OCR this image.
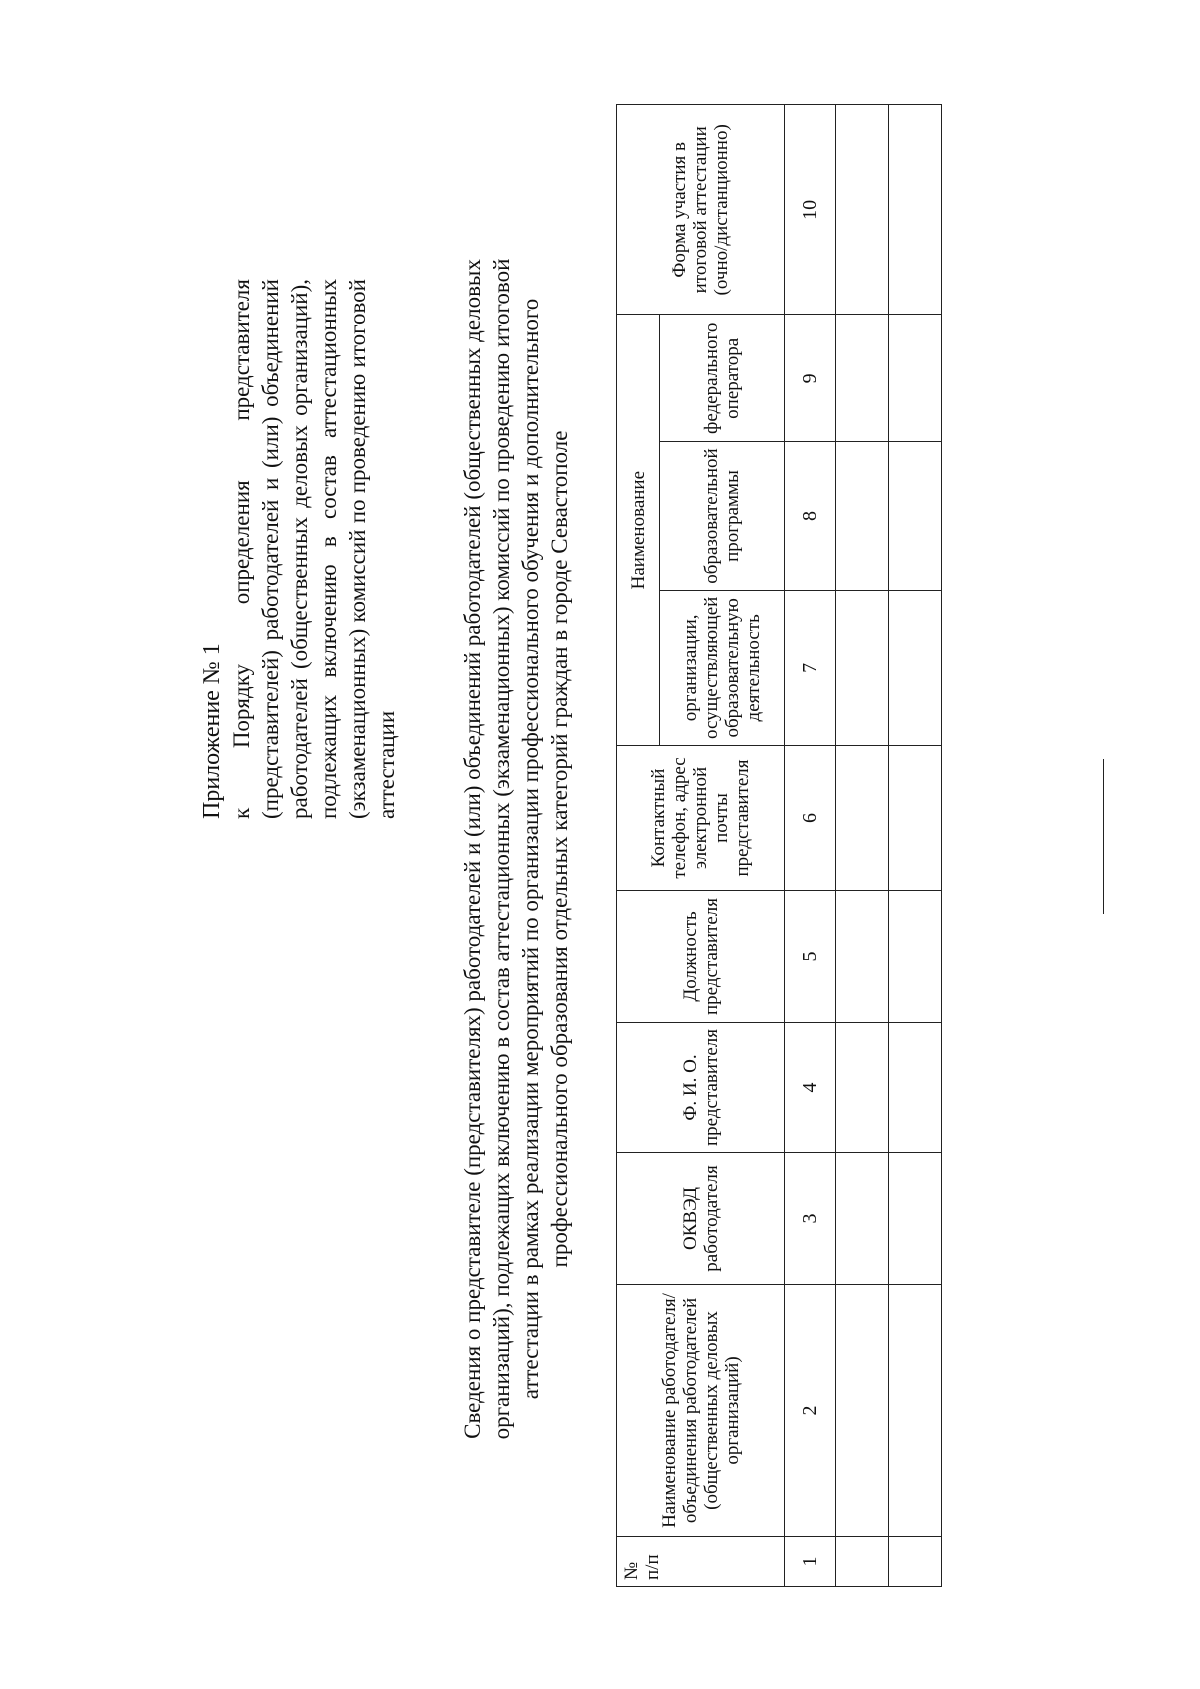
Приложение № 1 к Порядку определения представителя (представителей) работодателей и (или) объединений работодателей (общественных деловых организаций), подлежащих включению в состав аттестационных (экзаменационных) комиссий по проведению итоговой аттестации	Сведения о представителе (представителях) работодателей и (или) объединений работодателей (общественных деловых организаций), подлежащих включению в состав аттестационных (экзаменационных) комиссий по проведению итоговой аттестации в рамках реализации мероприятий по организации профессионального обучения и дополнительного профессионального образования отдельных категорий граждан в городе Севастополе
№ п/п	Наименование работодателя/ объединения работодателей (общественных деловых организаций)	ОКВЭД работодателя	Ф. И. О. представителя	Должность представителя	Контактный телефон, адрес электронной почты представителя	Наименование			Форма участия в итоговой аттестации (очно/дистанционно)
						организации, осуществляющей образовательную деятельность	образовательной программы	федерального оператора	
1	2	3	4	5	6	7	8	9	10
